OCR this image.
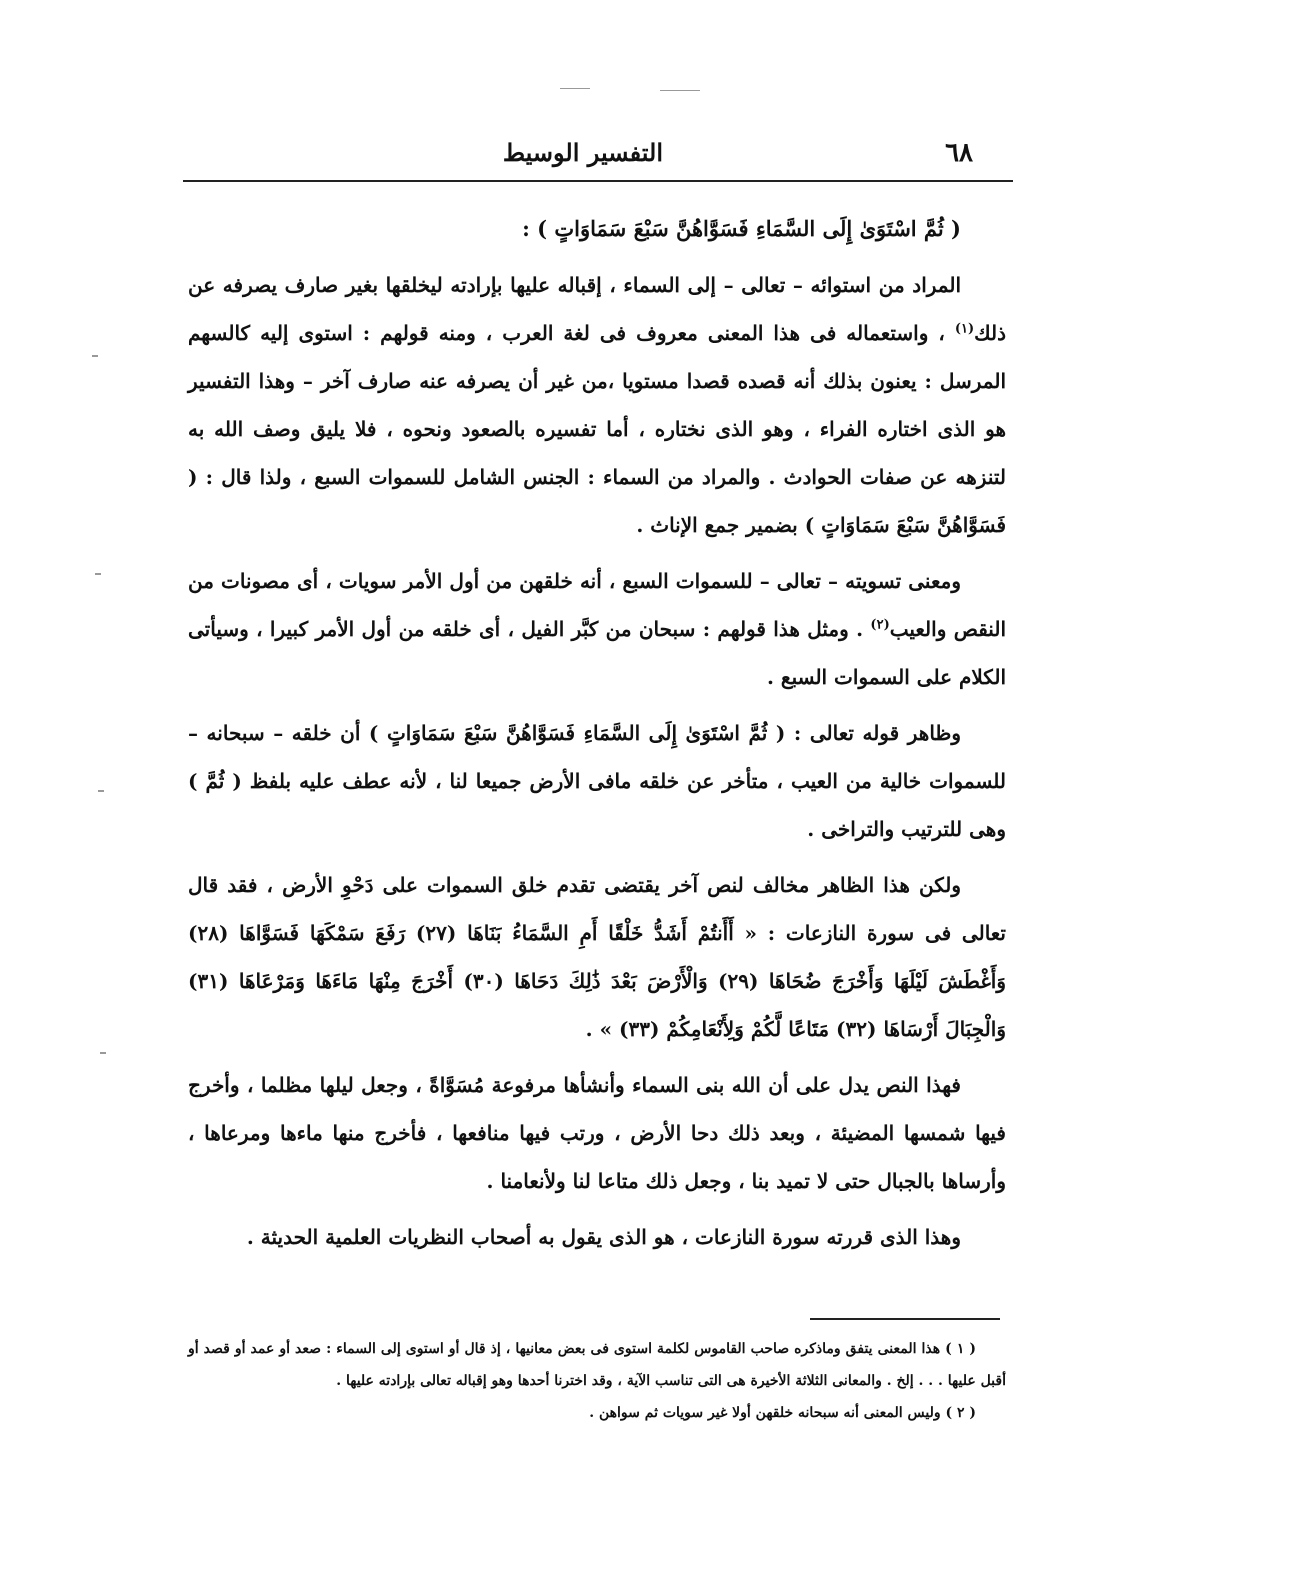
٦٨
التفسير الوسيط

( ثُمَّ اسْتَوَىٰ إِلَى السَّمَاءِ فَسَوَّاهُنَّ سَبْعَ سَمَاوَاتٍ ) :

المراد من استوائه – تعالى – إلى السماء ، إقباله عليها بإرادته ليخلقها بغير صارف يصرفه عن ذلك$^{(١)}$ ، واستعماله فى هذا المعنى معروف فى لغة العرب ، ومنه قولهم : استوى إليه كالسهم المرسل : يعنون بذلك أنه قصده قصدا مستويا ،من غير أن يصرفه عنه صارف آخر – وهذا التفسير هو الذى اختاره الفراء ، وهو الذى نختاره ، أما تفسيره بالصعود ونحوه ، فلا يليق وصف الله به لتنزهه عن صفات الحوادث . والمراد من السماء : الجنس الشامل للسموات السبع ، ولذا قال : ( فَسَوَّاهُنَّ سَبْعَ سَمَاوَاتٍ ) بضمير جمع الإناث .

ومعنى تسويته – تعالى – للسموات السبع ، أنه خلقهن من أول الأمر سويات ، أى مصونات من النقص والعيب$^{(٢)}$ . ومثل هذا قولهم : سبحان من كبَّر الفيل ، أى خلقه من أول الأمر كبيرا ، وسيأتى الكلام على السموات السبع .

وظاهر قوله تعالى : ( ثُمَّ اسْتَوَىٰ إِلَى السَّمَاءِ فَسَوَّاهُنَّ سَبْعَ سَمَاوَاتٍ ) أن خلقه – سبحانه – للسموات خالية من العيب ، متأخر عن خلقه مافى الأرض جميعا لنا ، لأنه عطف عليه بلفظ ( ثُمَّ ) وهى للترتيب والتراخى .

ولكن هذا الظاهر مخالف لنص آخر يقتضى تقدم خلق السموات على دَحْوِ الأرض ، فقد قال تعالى فى سورة النازعات : « أَأَنتُمْ أَشَدُّ خَلْقًا أَمِ السَّمَاءُ بَنَاهَا (٢٧) رَفَعَ سَمْكَهَا فَسَوَّاهَا (٢٨) وَأَغْطَشَ لَيْلَهَا وَأَخْرَجَ ضُحَاهَا (٢٩) وَالْأَرْضَ بَعْدَ ذَٰلِكَ دَحَاهَا (٣٠) أَخْرَجَ مِنْهَا مَاءَهَا وَمَرْعَاهَا (٣١) وَالْجِبَالَ أَرْسَاهَا (٣٢) مَتَاعًا لَّكُمْ وَلِأَنْعَامِكُمْ (٣٣) » .

فهذا النص يدل على أن الله بنى السماء وأنشأها مرفوعة مُسَوَّاةً ، وجعل ليلها مظلما ، وأخرج فيها شمسها المضيئة ، وبعد ذلك دحا الأرض ، ورتب فيها منافعها ، فأخرج منها ماءها ومرعاها ، وأرساها بالجبال حتى لا تميد بنا ، وجعل ذلك متاعا لنا ولأنعامنا .

وهذا الذى قررته سورة النازعات ، هو الذى يقول به أصحاب النظريات العلمية الحديثة .

( ١ ) هذا المعنى يتفق وماذكره صاحب القاموس لكلمة استوى فى بعض معانيها ، إذ قال أو استوى إلى السماء : صعد أو عمد أو قصد أو أقبل عليها . . . إلخ . والمعانى الثلاثة الأخيرة هى التى تناسب الآية ، وقد اخترنا أحدها وهو إقباله تعالى بإرادته عليها .

( ٢ ) وليس المعنى أنه سبحانه خلقهن أولا غير سويات ثم سواهن .
